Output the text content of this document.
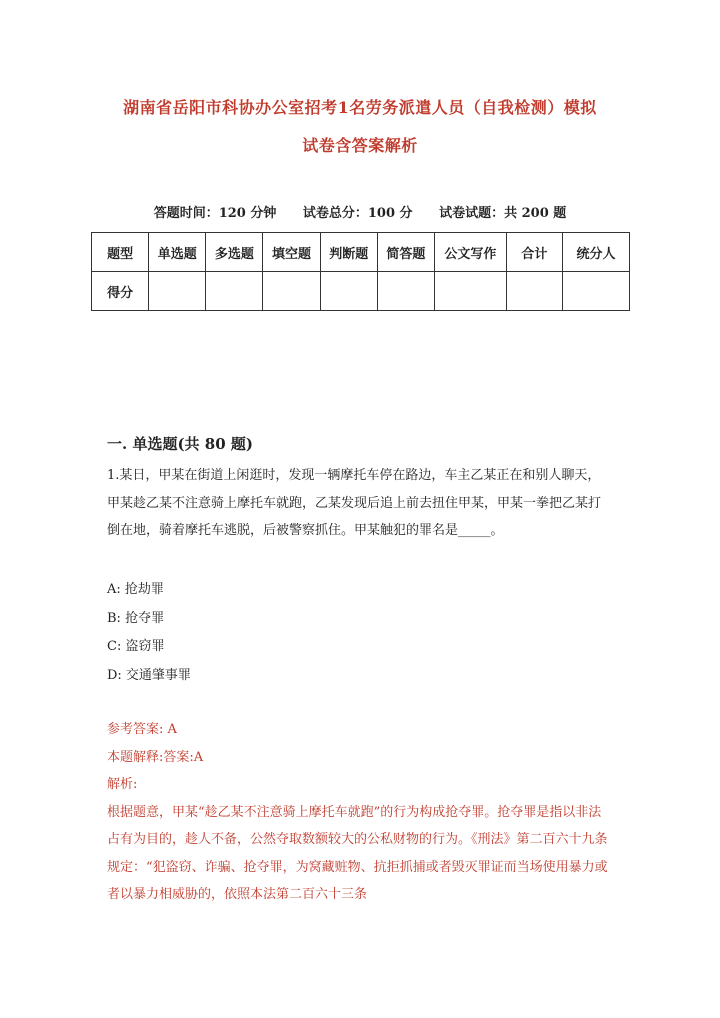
湖南省岳阳市科协办公室招考1名劳务派遣人员（自我检测）模拟
试卷含答案解析
答题时间：120 分钟 试卷总分：100 分 试卷试题：共 200 题
题型	单选题	多选题	填空题	判断题	简答题	公文写作	合计	统分人
得分								
一. 单选题(共 80 题)
1.某日，甲某在街道上闲逛时，发现一辆摩托车停在路边，车主乙某正在和别人聊天，甲某趁乙某不注意骑上摩托车就跑，乙某发现后追上前去扭住甲某，甲某一拳把乙某打倒在地，骑着摩托车逃脱，后被警察抓住。甲某触犯的罪名是_____。
A: 抢劫罪
B: 抢夺罪
C: 盗窃罪
D: 交通肇事罪
参考答案: A
本题解释:答案:A
解析:
根据题意，甲某“趁乙某不注意骑上摩托车就跑”的行为构成抢夺罪。抢夺罪是指以非法占有为目的，趁人不备，公然夺取数额较大的公私财物的行为。《刑法》第二百六十九条规定：“犯盗窃、诈骗、抢夺罪，为窝藏赃物、抗拒抓捕或者毁灭罪证而当场使用暴力或者以暴力相威胁的，依照本法第二百六十三条
